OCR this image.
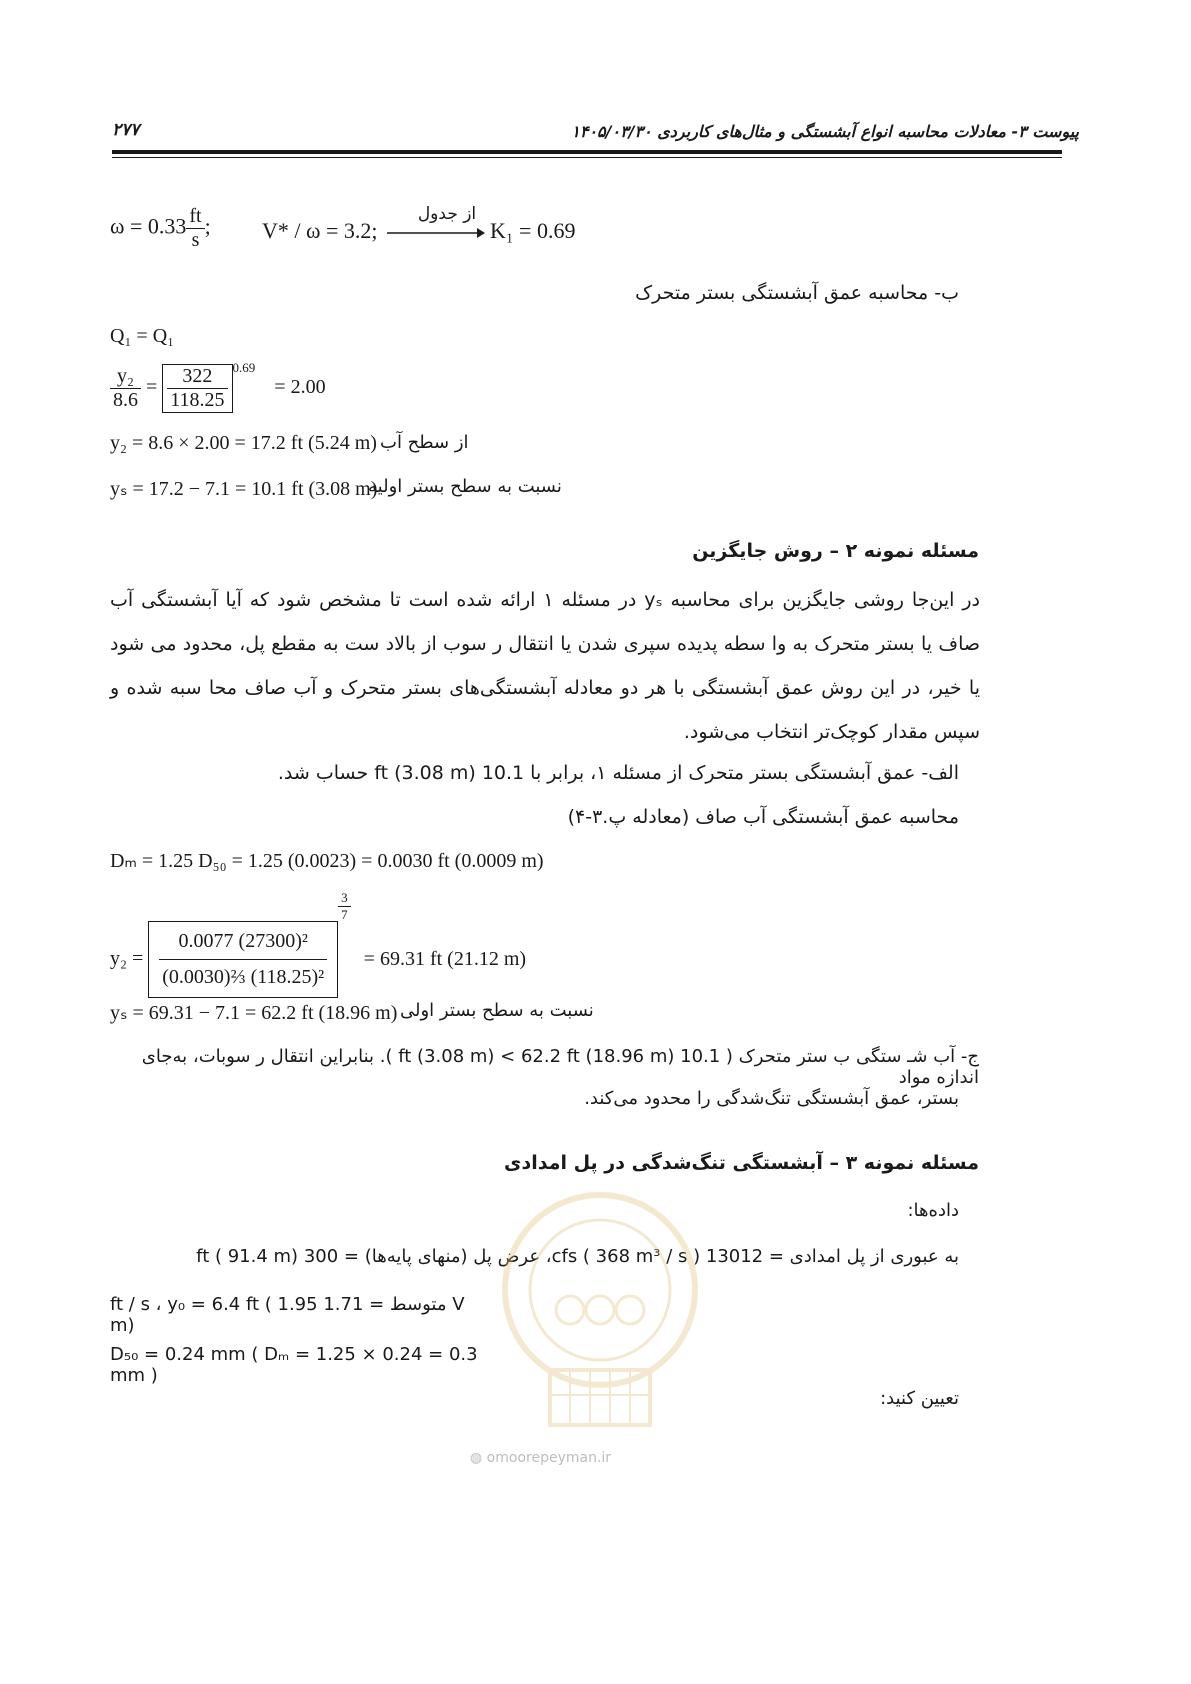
پیوست ۳- معادلات محاسبه انواع آبشستگی و مثال‌های کاربردی ۱۴۰۵/۰۳/۳۰
۲۷۷
$\omega = 0.33 \frac{ft}{s}$ ; V* / ω = 3.2;
از جدول
K₁ = 0.69
ب- محاسبه عمق آبشستگی بستر متحرک
Q₁ = Q₁
$\frac{\text{y₂}}{8.6} = \frac{322}{118.25} ^{0.69} = 2.00$
y₂ = 8.6 × 2.00 = 17.2 ft (5.24 m) از سطح آب
yₛ = 17.2 − 7.1 = 10.1 ft (3.08 m)
نسبت به سطح بستر اولیه
مسئله نمونه ۲ – روش جایگزین
در این‌جا روشی جایگزین برای محاسبه yₛ در مسئله ۱ ارائه شده است تا مشخص شود که آیا آبشستگی آب صاف یا بستر متحرک به وا سطه پدیده سپری شدن یا انتقال ر سوب از بالاد ست به مقطع پل، محدود می شود یا خیر، در این روش عمق آبشستگی با هر دو معادله آبشستگی‌های بستر متحرک و آب صاف محا سبه شده و سپس مقدار کوچک‌تر انتخاب می‌شود.
الف- عمق آبشستگی بستر متحرک از مسئله ۱، برابر با 10.1 ft (3.08 m) حساب شد.
محاسبه عمق آبشستگی آب صاف (معادله پ.۳-۴)
Dₘ = 1.25 D₅₀ = 1.25 (0.0023) = 0.0030 ft (0.0009 m)
$y_2 = \frac{\text{0.0077 (27300)²}}{\text{(0.0030)⅔ (118.25)²}}$
$\frac{3}{7}$
= 69.31 ft (21.12 m)
yₛ = 69.31 − 7.1 = 62.2 ft (18.96 m) نسبت به سطح بستر اولی
ج- آب شـ ستگی ب ستر متحرک ( 10.1 ft (3.08 m) < 62.2 ft (18.96 m) ). بنابراین انتقال ر سوبات، به‌جای اندازه مواد
بستر، عمق آبشستگی تنگ‌شدگی را محدود می‌کند.
مسئله نمونه ۳ – آبشستگی تنگ‌شدگی در پل امدادی
داده‌ها:
به عبوری از پل امدادی = 13012 cfs ( 368 m³ / s )، عرض پل (منهای پایه‌ها) = 300 ft ( 91.4 m)
V متوسط = 1.71 ft / s ، y₀ = 6.4 ft ( 1.95 m)
D₅₀ = 0.24 mm ( Dₘ = 1.25 × 0.24 = 0.3 mm )
تعیین کنید:
◍ omoorepeyman.ir
